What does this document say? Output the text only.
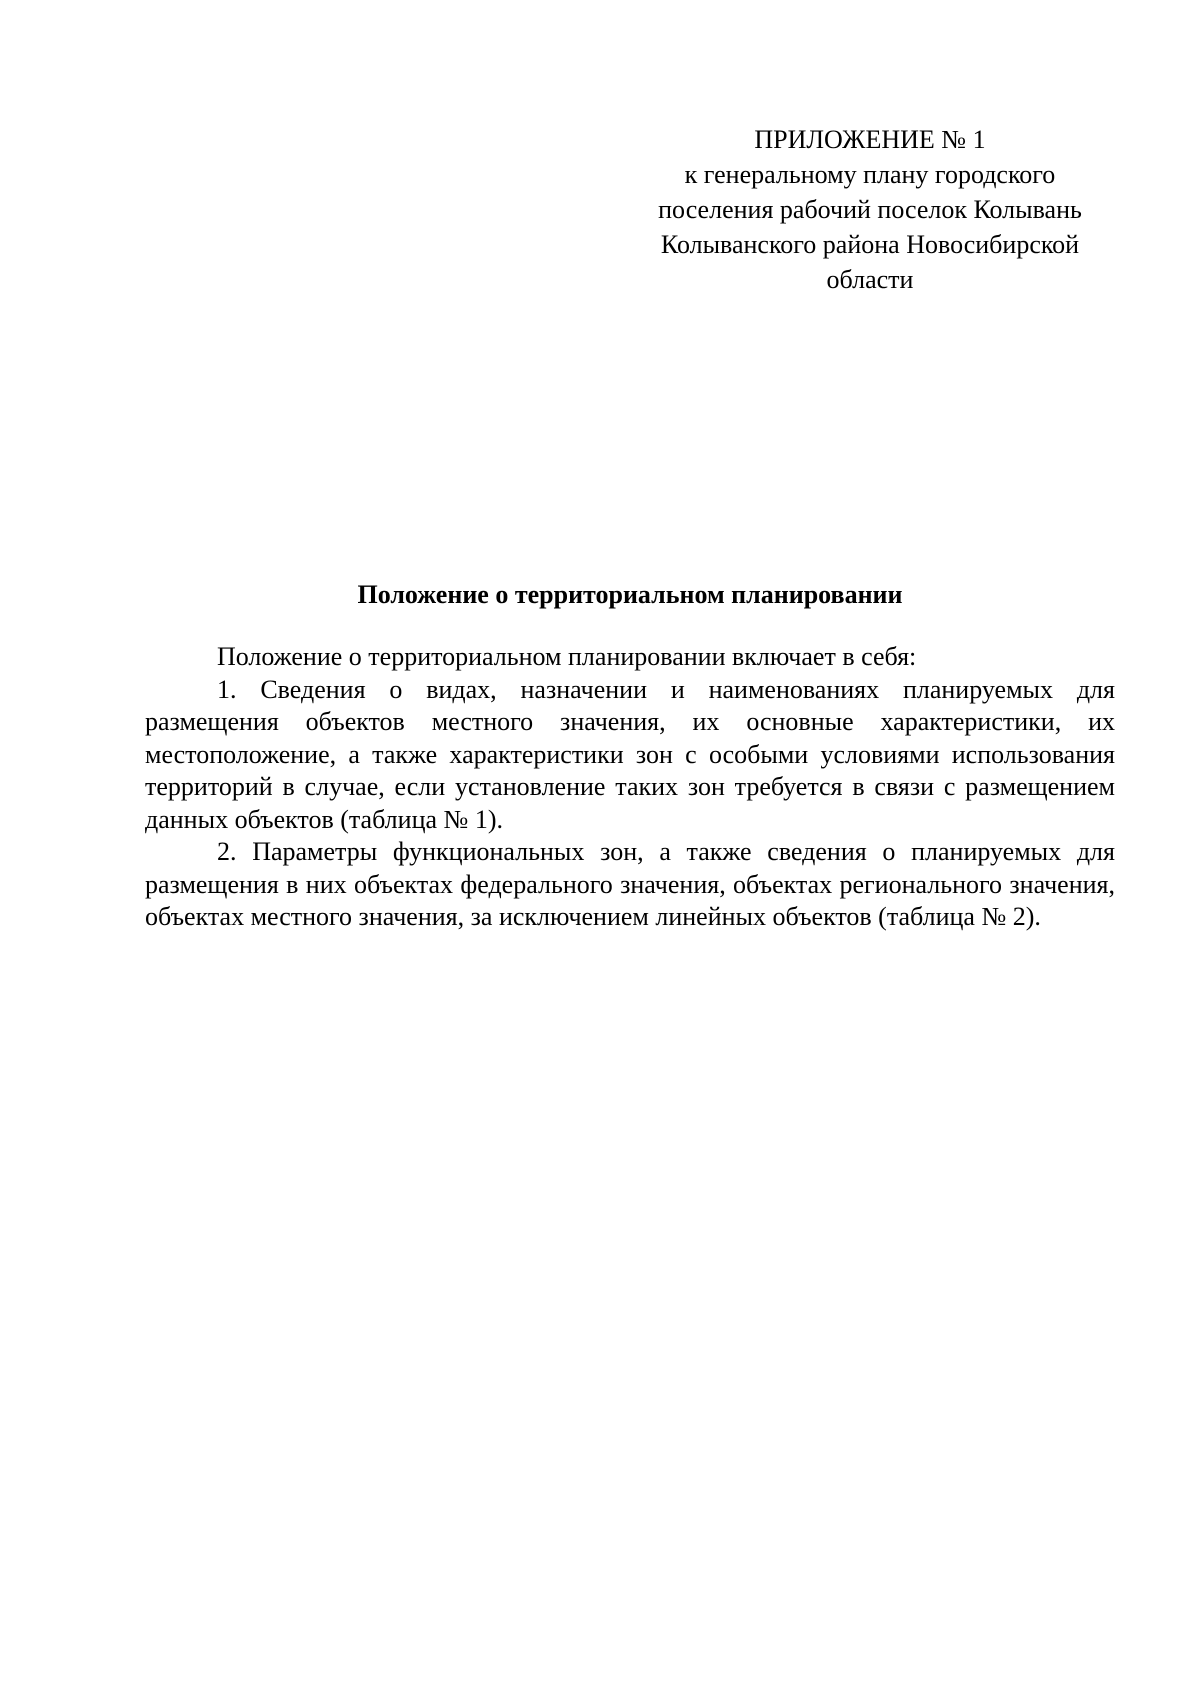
ПРИЛОЖЕНИЕ № 1
к генеральному плану городского
поселения рабочий поселок Колывань
Колыванского района Новосибирской
области
Положение о территориальном планировании

Положение о территориальном планировании включает в себя:

1. Сведения о видах, назначении и наименованиях планируемых для размещения объектов местного значения, их основные характеристики, их местоположение, а также характеристики зон с особыми условиями использования территорий в случае, если установление таких зон требуется в связи с размещением данных объектов (таблица № 1).

2. Параметры функциональных зон, а также сведения о планируемых для размещения в них объектах федерального значения, объектах регионального значения, объектах местного значения, за исключением линейных объектов (таблица № 2).
